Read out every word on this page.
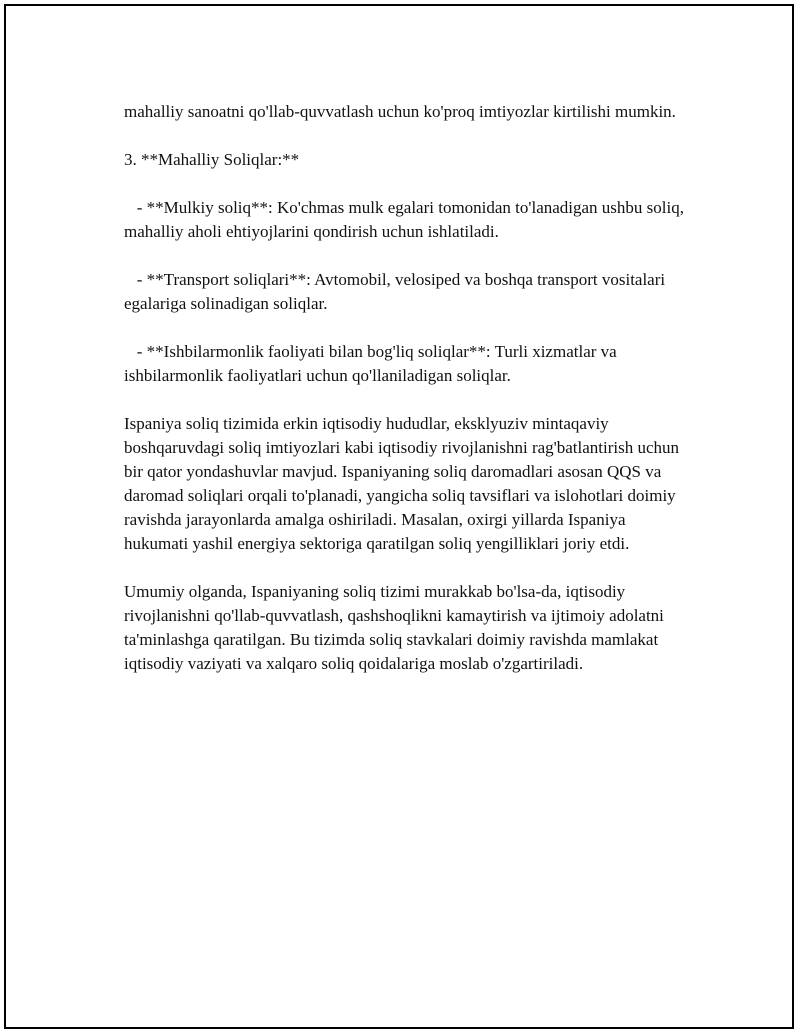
mahalliy sanoatni qo'llab-quvvatlash uchun ko'proq imtiyozlar kirtilishi mumkin.

3. **Mahalliy Soliqlar:**

- **Mulkiy soliq**: Ko'chmas mulk egalari tomonidan to'lanadigan ushbu soliq, mahalliy aholi ehtiyojlarini qondirish uchun ishlatiladi.

- **Transport soliqlari**: Avtomobil, velosiped va boshqa transport vositalari egalariga solinadigan soliqlar.

- **Ishbilarmonlik faoliyati bilan bog'liq soliqlar**: Turli xizmatlar va ishbilarmonlik faoliyatlari uchun qo'llaniladigan soliqlar.

Ispaniya soliq tizimida erkin iqtisodiy hududlar, eksklyuziv mintaqaviy boshqaruvdagi soliq imtiyozlari kabi iqtisodiy rivojlanishni rag'batlantirish uchun bir qator yondashuvlar mavjud. Ispaniyaning soliq daromadlari asosan QQS va daromad soliqlari orqali to'planadi, yangicha soliq tavsiflari va islohotlari doimiy ravishda jarayonlarda amalga oshiriladi. Masalan, oxirgi yillarda Ispaniya hukumati yashil energiya sektoriga qaratilgan soliq yengilliklari joriy etdi.

Umumiy olganda, Ispaniyaning soliq tizimi murakkab bo'lsa-da, iqtisodiy rivojlanishni qo'llab-quvvatlash, qashshoqlikni kamaytirish va ijtimoiy adolatni ta'minlashga qaratilgan. Bu tizimda soliq stavkalari doimiy ravishda mamlakat iqtisodiy vaziyati va xalqaro soliq qoidalariga moslab o'zgartiriladi.
